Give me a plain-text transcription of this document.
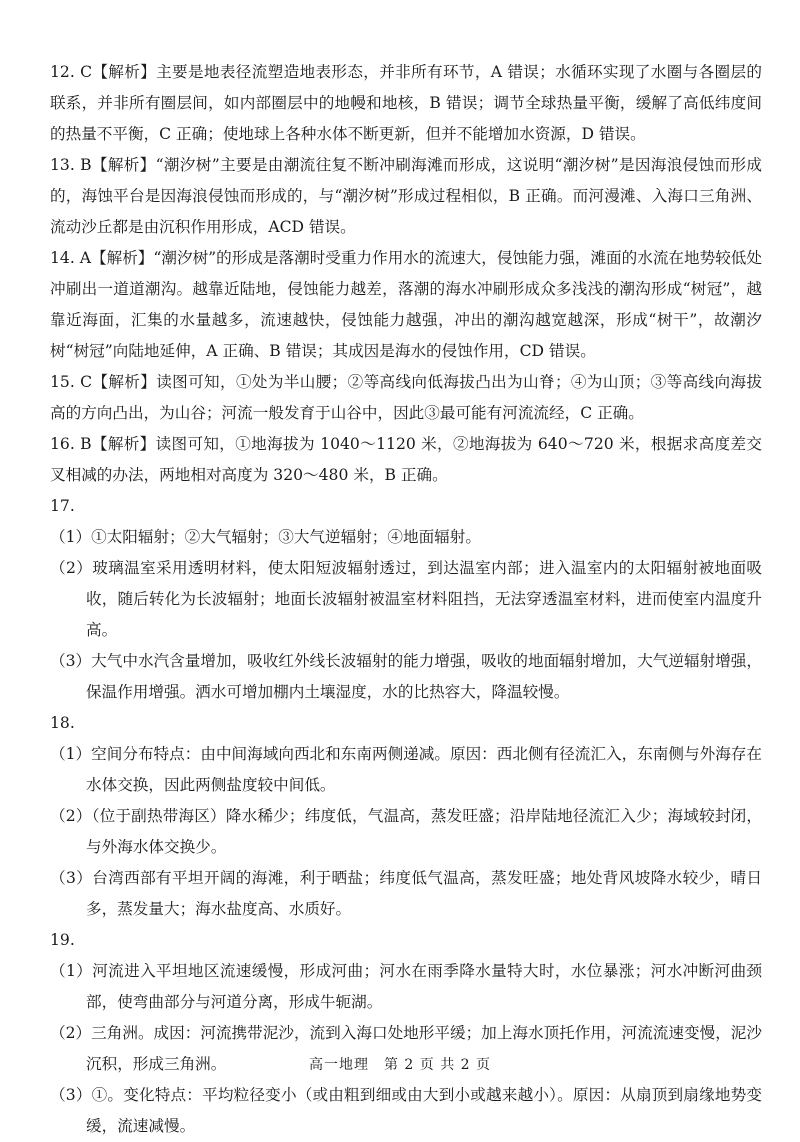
12. C【解析】主要是地表径流塑造地表形态，并非所有环节，A 错误；水循环实现了水圈与各圈层的联系，并非所有圈层间，如内部圈层中的地幔和地核，B 错误；调节全球热量平衡，缓解了高低纬度间的热量不平衡，C 正确；使地球上各种水体不断更新，但并不能增加水资源，D 错误。

13. B【解析】“潮汐树”主要是由潮流往复不断冲刷海滩而形成，这说明“潮汐树”是因海浪侵蚀而形成的，海蚀平台是因海浪侵蚀而形成的，与“潮汐树”形成过程相似，B 正确。而河漫滩、入海口三角洲、流动沙丘都是由沉积作用形成，ACD 错误。

14. A【解析】“潮汐树”的形成是落潮时受重力作用水的流速大，侵蚀能力强，滩面的水流在地势较低处冲刷出一道道潮沟。越靠近陆地，侵蚀能力越差，落潮的海水冲刷形成众多浅浅的潮沟形成“树冠”，越靠近海面，汇集的水量越多，流速越快，侵蚀能力越强，冲出的潮沟越宽越深，形成“树干”，故潮汐树“树冠”向陆地延伸，A 正确、B 错误；其成因是海水的侵蚀作用，CD 错误。

15. C【解析】读图可知，①处为半山腰；②等高线向低海拔凸出为山脊；④为山顶；③等高线向海拔高的方向凸出，为山谷；河流一般发育于山谷中，因此③最可能有河流流经，C 正确。

16. B【解析】读图可知，①地海拔为 1040～1120 米，②地海拔为 640～720 米，根据求高度差交叉相减的办法，两地相对高度为 320～480 米，B 正确。

17.

（1）①太阳辐射；②大气辐射；③大气逆辐射；④地面辐射。

（2）玻璃温室采用透明材料，使太阳短波辐射透过，到达温室内部；进入温室内的太阳辐射被地面吸收，随后转化为长波辐射；地面长波辐射被温室材料阻挡，无法穿透温室材料，进而使室内温度升高。

（3）大气中水汽含量增加，吸收红外线长波辐射的能力增强，吸收的地面辐射增加，大气逆辐射增强，保温作用增强。洒水可增加棚内土壤湿度，水的比热容大，降温较慢。

18.

（1）空间分布特点：由中间海域向西北和东南两侧递减。原因：西北侧有径流汇入，东南侧与外海存在水体交换，因此两侧盐度较中间低。

（2）（位于副热带海区）降水稀少；纬度低，气温高，蒸发旺盛；沿岸陆地径流汇入少；海域较封闭，与外海水体交换少。

（3）台湾西部有平坦开阔的海滩，利于晒盐；纬度低气温高，蒸发旺盛；地处背风坡降水较少，晴日多，蒸发量大；海水盐度高、水质好。

19.

（1）河流进入平坦地区流速缓慢，形成河曲；河水在雨季降水量特大时，水位暴涨；河水冲断河曲颈部，使弯曲部分与河道分离，形成牛轭湖。

（2）三角洲。成因：河流携带泥沙，流到入海口处地形平缓；加上海水顶托作用，河流流速变慢，泥沙沉积，形成三角洲。

（3）①。变化特点：平均粒径变小（或由粗到细或由大到小或越来越小）。原因：从扇顶到扇缘地势变缓，流速减慢。

高一地理　第 2 页 共 2 页
